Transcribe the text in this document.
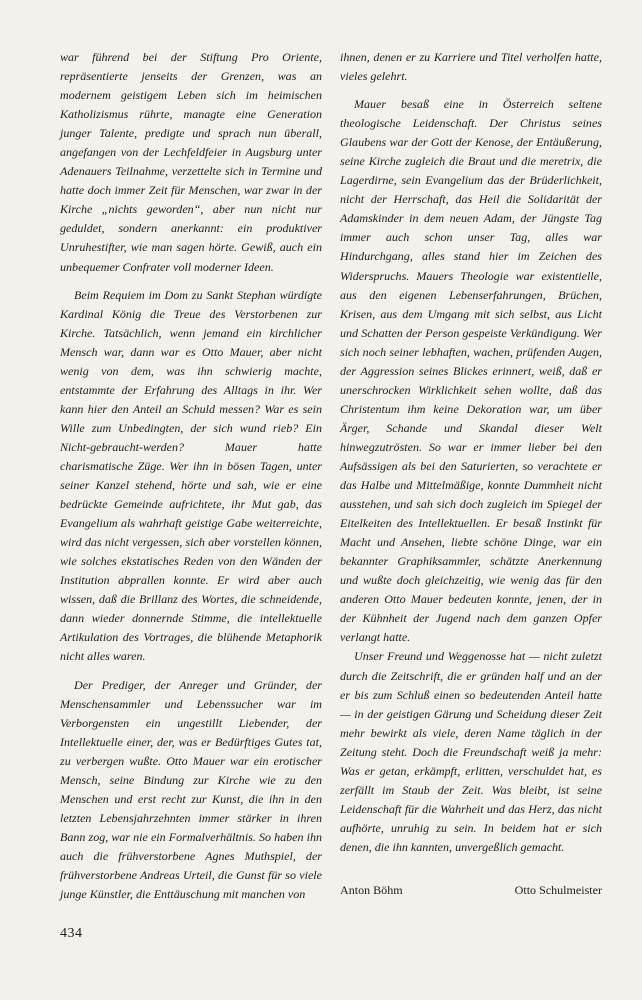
war führend bei der Stiftung Pro Oriente, repräsentierte jenseits der Grenzen, was an modernem geistigem Leben sich im heimischen Katholizismus rührte, managte eine Generation junger Talente, predigte und sprach nun überall, angefangen von der Lechfeldfeier in Augsburg unter Adenauers Teilnahme, verzettelte sich in Termine und hatte doch immer Zeit für Menschen, war zwar in der Kirche „nichts geworden“, aber nun nicht nur geduldet, sondern anerkannt: ein produktiver Unruhestifter, wie man sagen hörte. Gewiß, auch ein unbequemer Confrater voll moderner Ideen.

Beim Requiem im Dom zu Sankt Stephan würdigte Kardinal König die Treue des Verstorbenen zur Kirche. Tatsächlich, wenn jemand ein kirchlicher Mensch war, dann war es Otto Mauer, aber nicht wenig von dem, was ihn schwierig machte, entstammte der Erfahrung des Alltags in ihr. Wer kann hier den Anteil an Schuld messen? War es sein Wille zum Unbedingten, der sich wund rieb? Ein Nicht-gebraucht-werden? Mauer hatte charismatische Züge. Wer ihn in bösen Tagen, unter seiner Kanzel stehend, hörte und sah, wie er eine bedrückte Gemeinde aufrichtete, ihr Mut gab, das Evangelium als wahrhaft geistige Gabe weiterreichte, wird das nicht vergessen, sich aber vorstellen können, wie solches ekstatisches Reden von den Wänden der Institution abprallen konnte. Er wird aber auch wissen, daß die Brillanz des Wortes, die schneidende, dann wieder donnernde Stimme, die intellektuelle Artikulation des Vortrages, die blühende Metaphorik nicht alles waren.

Der Prediger, der Anreger und Gründer, der Menschensammler und Lebenssucher war im Verborgensten ein ungestillt Liebender, der Intellektuelle einer, der, was er Bedürftiges Gutes tat, zu verbergen wußte. Otto Mauer war ein erotischer Mensch, seine Bindung zur Kirche wie zu den Menschen und erst recht zur Kunst, die ihn in den letzten Lebensjahrzehnten immer stärker in ihren Bann zog, war nie ein Formalverhältnis. So haben ihn auch die frühverstorbene Agnes Muthspiel, der frühverstorbene Andreas Urteil, die Gunst für so viele junge Künstler, die Enttäuschung mit manchen von

ihnen, denen er zu Karriere und Titel verholfen hatte, vieles gelehrt.

Mauer besaß eine in Österreich seltene theologische Leidenschaft. Der Christus seines Glaubens war der Gott der Kenose, der Entäußerung, seine Kirche zugleich die Braut und die meretrix, die Lagerdirne, sein Evangelium das der Brüderlichkeit, nicht der Herrschaft, das Heil die Solidarität der Adamskinder in dem neuen Adam, der Jüngste Tag immer auch schon unser Tag, alles war Hindurchgang, alles stand hier im Zeichen des Widerspruchs. Mauers Theologie war existentielle, aus den eigenen Lebenserfahrungen, Brüchen, Krisen, aus dem Umgang mit sich selbst, aus Licht und Schatten der Person gespeiste Verkündigung. Wer sich noch seiner lebhaften, wachen, prüfenden Augen, der Aggression seines Blickes erinnert, weiß, daß er unerschrocken Wirklichkeit sehen wollte, daß das Christentum ihm keine Dekoration war, um über Ärger, Schande und Skandal dieser Welt hinwegzutrösten. So war er immer lieber bei den Aufsässigen als bei den Saturierten, so verachtete er das Halbe und Mittelmäßige, konnte Dummheit nicht ausstehen, und sah sich doch zugleich im Spiegel der Eitelkeiten des Intellektuellen. Er besaß Instinkt für Macht und Ansehen, liebte schöne Dinge, war ein bekannter Graphiksammler, schätzte Anerkennung und wußte doch gleichzeitig, wie wenig das für den anderen Otto Mauer bedeuten konnte, jenen, der in der Kühnheit der Jugend nach dem ganzen Opfer verlangt hatte.

Unser Freund und Weggenosse hat — nicht zuletzt durch die Zeitschrift, die er gründen half und an der er bis zum Schluß einen so bedeutenden Anteil hatte — in der geistigen Gärung und Scheidung dieser Zeit mehr bewirkt als viele, deren Name täglich in der Zeitung steht. Doch die Freundschaft weiß ja mehr: Was er getan, erkämpft, erlitten, verschuldet hat, es zerfällt im Staub der Zeit. Was bleibt, ist seine Leidenschaft für die Wahrheit und das Herz, das nicht aufhörte, unruhig zu sein. In beidem hat er sich denen, die ihn kannten, unvergeßlich gemacht.

Anton Böhm	Otto Schulmeister
434
